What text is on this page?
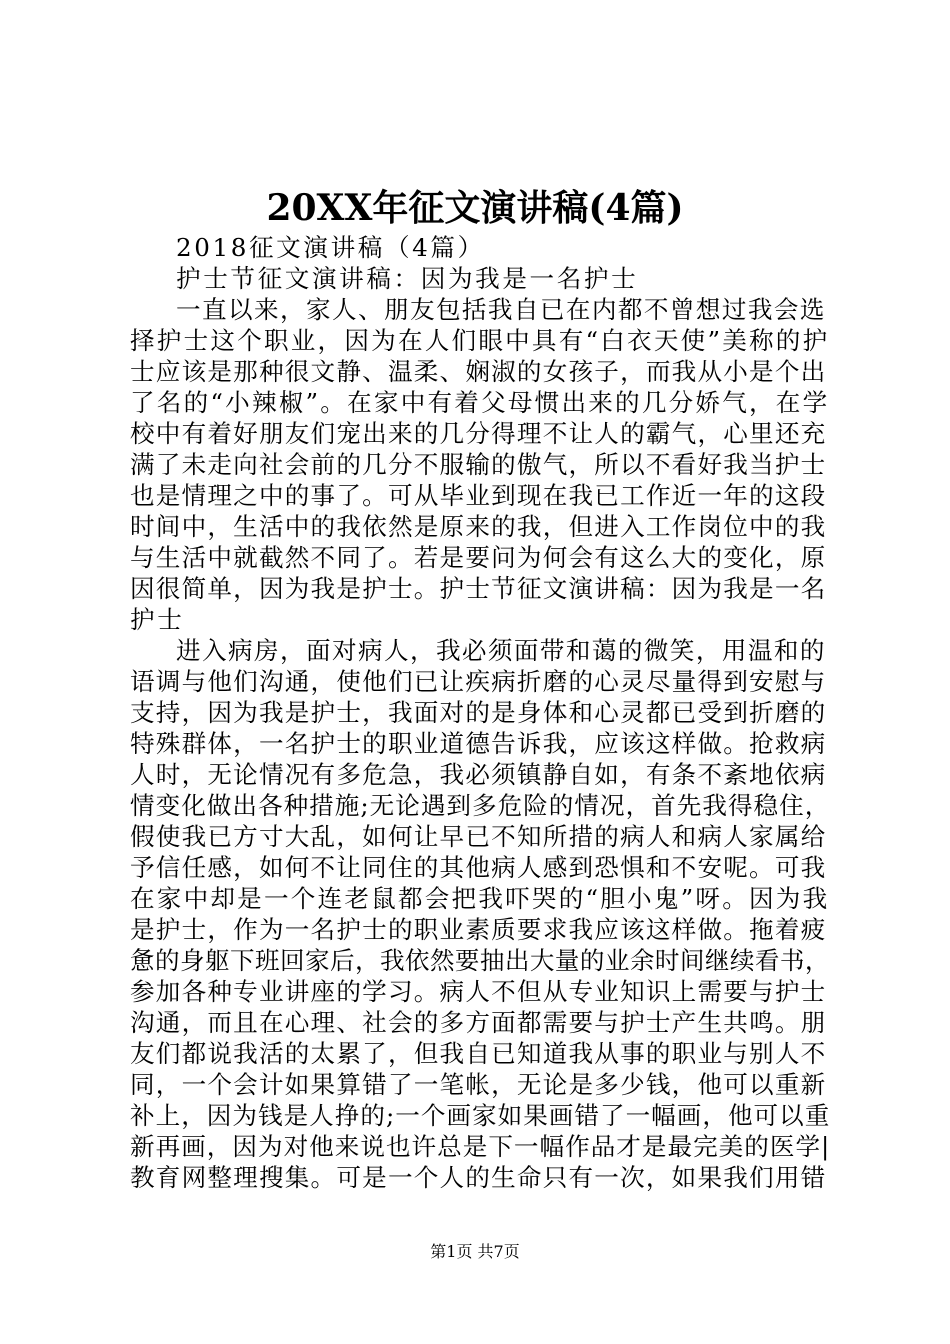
20XX年征文演讲稿(4篇)
2018征文演讲稿（4篇）
护士节征文演讲稿：因为我是一名护士
一直以来，家人、朋友包括我自已在内都不曾想过我会选
择护士这个职业，因为在人们眼中具有“白衣天使”美称的护
士应该是那种很文静、温柔、娴淑的女孩子，而我从小是个出
了名的“小辣椒”。在家中有着父母惯出来的几分娇气，在学
校中有着好朋友们宠出来的几分得理不让人的霸气，心里还充
满了未走向社会前的几分不服输的傲气，所以不看好我当护士
也是情理之中的事了。可从毕业到现在我已工作近一年的这段
时间中，生活中的我依然是原来的我，但进入工作岗位中的我
与生活中就截然不同了。若是要问为何会有这么大的变化，原
因很简单，因为我是护士。护士节征文演讲稿：因为我是一名
护士
进入病房，面对病人，我必须面带和蔼的微笑，用温和的
语调与他们沟通，使他们已让疾病折磨的心灵尽量得到安慰与
支持，因为我是护士，我面对的是身体和心灵都已受到折磨的
特殊群体，一名护士的职业道德告诉我，应该这样做。抢救病
人时，无论情况有多危急，我必须镇静自如，有条不紊地依病
情变化做出各种措施;无论遇到多危险的情况，首先我得稳住，
假使我已方寸大乱，如何让早已不知所措的病人和病人家属给
予信任感，如何不让同住的其他病人感到恐惧和不安呢。可我
在家中却是一个连老鼠都会把我吓哭的“胆小鬼”呀。因为我
是护士，作为一名护士的职业素质要求我应该这样做。拖着疲
惫的身躯下班回家后，我依然要抽出大量的业余时间继续看书，
参加各种专业讲座的学习。病人不但从专业知识上需要与护士
沟通，而且在心理、社会的多方面都需要与护士产生共鸣。朋
友们都说我活的太累了，但我自已知道我从事的职业与别人不
同，一个会计如果算错了一笔帐，无论是多少钱，他可以重新
补上，因为钱是人挣的;一个画家如果画错了一幅画，他可以重
新再画，因为对他来说也许总是下一幅作品才是最完美的医学|
教育网整理搜集。可是一个人的生命只有一次，如果我们用错
第1页 共7页
